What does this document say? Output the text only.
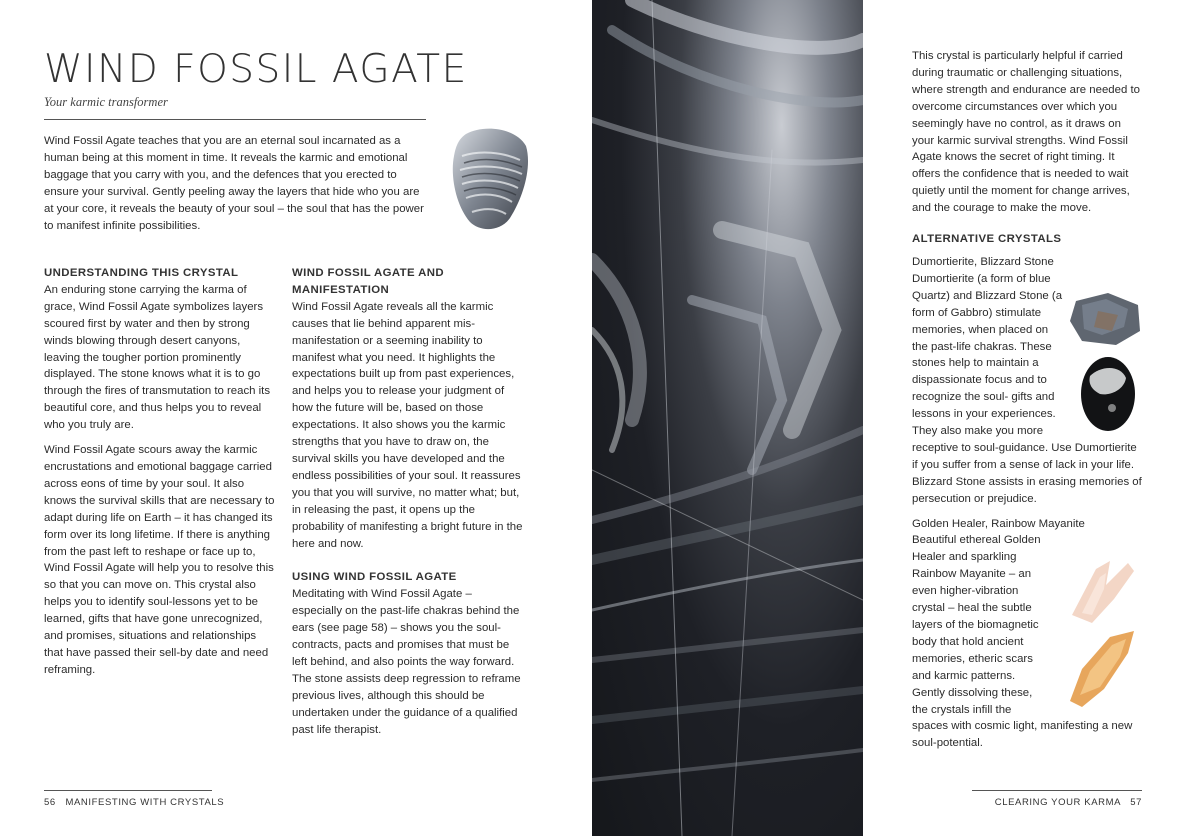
WIND FOSSIL AGATE
Your karmic transformer
Wind Fossil Agate teaches that you are an eternal soul incarnated as a human being at this moment in time. It reveals the karmic and emotional baggage that you carry with you, and the defences that you erected to ensure your survival. Gently peeling away the layers that hide who you are at your core, it reveals the beauty of your soul – the soul that has the power to manifest infinite possibilities.
UNDERSTANDING THIS CRYSTAL

An enduring stone carrying the karma of grace, Wind Fossil Agate symbolizes layers scoured first by water and then by strong winds blowing through desert canyons, leaving the tougher portion prominently displayed. The stone knows what it is to go through the fires of transmutation to reach its beautiful core, and thus helps you to reveal who you truly are.

Wind Fossil Agate scours away the karmic encrustations and emotional baggage carried across eons of time by your soul. It also knows the survival skills that are necessary to adapt during life on Earth – it has changed its form over its long lifetime. If there is anything from the past left to reshape or face up to, Wind Fossil Agate will help you to resolve this so that you can move on. This crystal also helps you to identify soul-lessons yet to be learned, gifts that have gone unrecognized, and promises, situations and relationships that have passed their sell-by date and need reframing.

WIND FOSSIL AGATE AND MANIFESTATION

Wind Fossil Agate reveals all the karmic causes that lie behind apparent mis-manifestation or a seeming inability to manifest what you need. It highlights the expectations built up from past experiences, and helps you to release your judgment of how the future will be, based on those expectations. It also shows you the karmic strengths that you have to draw on, the survival skills you have developed and the endless possibilities of your soul. It reassures you that you will survive, no matter what; but, in releasing the past, it opens up the probability of manifesting a bright future in the here and now.

USING WIND FOSSIL AGATE

Meditating with Wind Fossil Agate – especially on the past-life chakras behind the ears (see page 58) – shows you the soul-contracts, pacts and promises that must be left behind, and also points the way forward. The stone assists deep regression to reframe previous lives, although this should be undertaken under the guidance of a qualified past life therapist.

56   MANIFESTING WITH CRYSTALS

This crystal is particularly helpful if carried during traumatic or challenging situations, where strength and endurance are needed to overcome circumstances over which you seemingly have no control, as it draws on your karmic survival strengths. Wind Fossil Agate knows the secret of right timing. It offers the confidence that is needed to wait quietly until the moment for change arrives, and the courage to make the move.

ALTERNATIVE CRYSTALS
Dumortierite, Blizzard Stone
Dumortierite (a form of blue Quartz) and Blizzard Stone (a form of Gabbro) stimulate memories, when placed on the past-life chakras. These stones help to maintain a dispassionate focus and to recognize the soul- gifts and lessons in your experiences. They also make you more receptive to soul-guidance. Use Dumortierite if you suffer from a sense of lack in your life. Blizzard Stone assists in erasing memories of persecution or prejudice.
Golden Healer, Rainbow Mayanite
Beautiful ethereal Golden Healer and sparkling Rainbow Mayanite – an even higher-vibration crystal – heal the subtle layers of the biomagnetic body that hold ancient memories, etheric scars and karmic patterns. Gently dissolving these, the crystals infill the spaces with cosmic light, manifesting a new soul-potential.
CLEARING YOUR KARMA   57
